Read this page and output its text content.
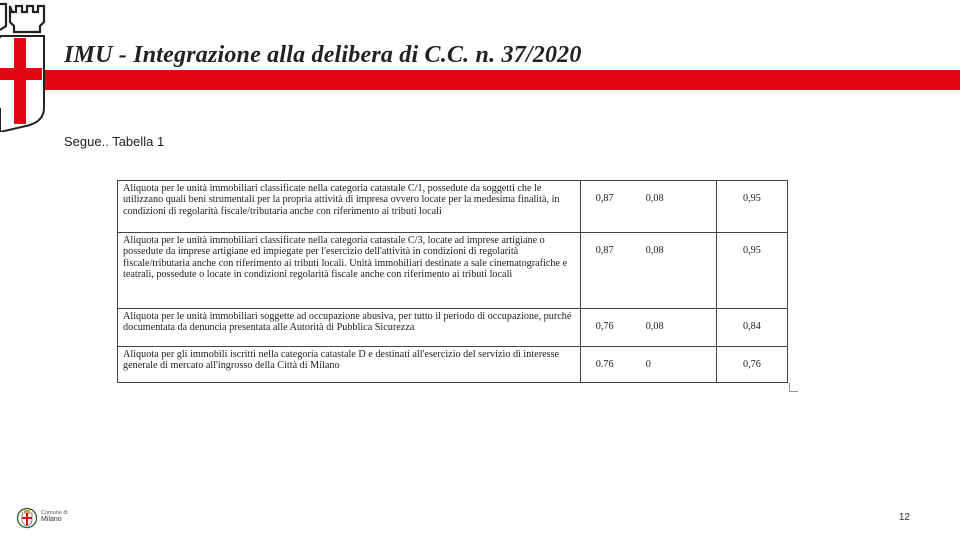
IMU - Integrazione alla delibera di C.C. n. 37/2020
Segue.. Tabella 1
Aliquota per le unità immobiliari classificate nella categoria catastale C/1, possedute da soggetti che le utilizzano quali beni strumentali per la propria attività di impresa ovvero locate per la medesima finalità, in condizioni di regolarità fiscale/tributaria anche con riferimento ai tributi locali	0,87 0,08	0,95
Aliquota per le unità immobiliari classificate nella categoria catastale C/3, locate ad imprese artigiane o possedute da imprese artigiane ed impiegate per l'esercizio dell'attività in condizioni di regolarità fiscale/tributaria anche con riferimento ai tributi locali. Unità immobiliari destinate a sale cinematografiche e teatrali, possedute o locate in condizioni regolarità fiscale anche con riferimento ai tributi locali	0,87 0,08	0,95
Aliquota per le unità immobiliari soggette ad occupazione abusiva, per tutto il periodo di occupazione, purché documentata da denuncia presentata alle Autorità di Pubblica Sicurezza	0,76 0,08	0,84
Aliquota per gli immobili iscritti nella categoria catastale D e destinati all'esercizio del servizio di interesse generale di mercato all'ingrosso della Città di Milano	0.76 0	0,76
Comune di
Milano	12
